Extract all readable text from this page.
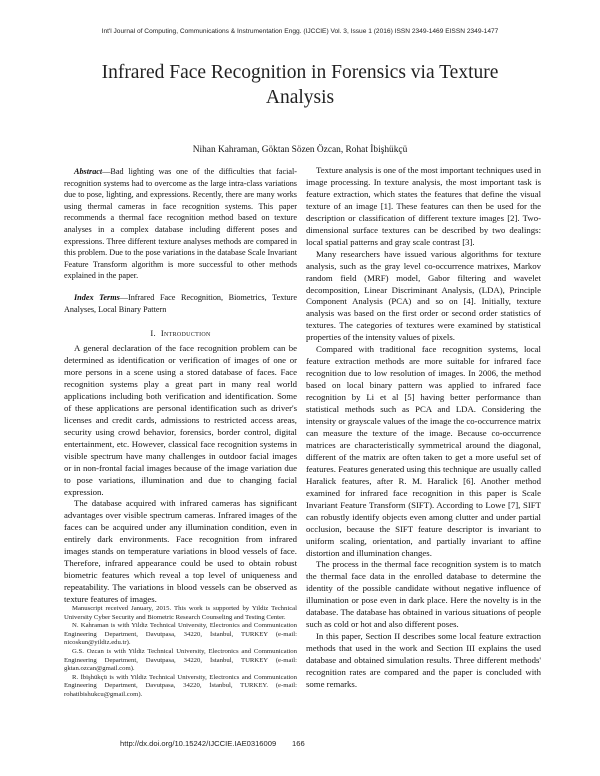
Int'l Journal of Computing, Communications & Instrumentation Engg. (IJCCIE) Vol. 3, Issue 1 (2016) ISSN 2349-1469 EISSN 2349-1477
Infrared Face Recognition in Forensics via Texture Analysis
Nihan Kahraman, Göktan Sözen Özcan, Rohat İbişhükçü

Abstract—Bad lighting was one of the difficulties that facial-recognition systems had to overcome as the large intra-class variations due to pose, lighting, and expressions. Recently, there are many works using thermal cameras in face recognition systems. This paper recommends a thermal face recognition method based on texture analyses in a complex database including different poses and expressions. Three different texture analyses methods are compared in this problem. Due to the pose variations in the database Scale Invariant Feature Transform algorithm is more successful to other methods explained in the paper.

Index Terms—Infrared Face Recognition, Biometrics, Texture Analyses, Local Binary Pattern

I. Introduction

A general declaration of the face recognition problem can be determined as identification or verification of images of one or more persons in a scene using a stored database of faces. Face recognition systems play a great part in many real world applications including both verification and identification. Some of these applications are personal identification such as driver's licenses and credit cards, admissions to restricted access areas, security using crowd behavior, forensics, border control, digital entertainment, etc. However, classical face recognition systems in visible spectrum have many challenges in outdoor facial images or in non-frontal facial images because of the image variation due to pose variations, illumination and due to changing facial expression.

The database acquired with infrared cameras has significant advantages over visible spectrum cameras. Infrared images of the faces can be acquired under any illumination condition, even in entirely dark environments. Face recognition from infrared images stands on temperature variations in blood vessels of face. Therefore, infrared appearance could be used to obtain robust biometric features which reveal a top level of uniqueness and repeatability. The variations in blood vessels can be observed as texture features of images.

Manuscript received January, 2015. This work is supported by Yildiz Technical University Cyber Security and Biometric Research Counseling and Testing Center.

N. Kahraman is with Yildiz Technical University, Electronics and Communication Engineering Department, Davutpasa, 34220, İstanbul, TURKEY (e-mail: nicoskun@yildiz.edu.tr).

G.S. Ozcan is with Yildiz Technical University, Electronics and Communication Engineering Department, Davutpasa, 34220, İstanbul, TURKEY (e-mail: gktan.ozcan@gmail.com).

R. İbişhükçü is with Yildiz Technical University, Electronics and Communication Engineering Department, Davutpasa, 34220, İstanbul, TURKEY. (e-mail: rohatibishukcu@gmail.com).

Texture analysis is one of the most important techniques used in image processing. In texture analysis, the most important task is feature extraction, which states the features that define the visual texture of an image [1]. These features can then be used for the description or classification of different texture images [2]. Two-dimensional surface textures can be described by two dealings: local spatial patterns and gray scale contrast [3].

Many researchers have issued various algorithms for texture analysis, such as the gray level co-occurrence matrixes, Markov random field (MRF) model, Gabor filtering and wavelet decomposition, Linear Discriminant Analysis, (LDA), Principle Component Analysis (PCA) and so on [4]. Initially, texture analysis was based on the first order or second order statistics of textures. The categories of textures were examined by statistical properties of the intensity values of pixels.

Compared with traditional face recognition systems, local feature extraction methods are more suitable for infrared face recognition due to low resolution of images. In 2006, the method based on local binary pattern was applied to infrared face recognition by Li et al [5] having better performance than statistical methods such as PCA and LDA. Considering the intensity or grayscale values of the image the co-occurrence matrix can measure the texture of the image. Because co-occurrence matrices are characteristically symmetrical around the diagonal, different of the matrix are often taken to get a more useful set of features. Features generated using this technique are usually called Haralick features, after R. M. Haralick [6]. Another method examined for infrared face recognition in this paper is Scale Invariant Feature Transform (SIFT). According to Lowe [7], SIFT can robustly identify objects even among clutter and under partial occlusion, because the SIFT feature descriptor is invariant to uniform scaling, orientation, and partially invariant to affine distortion and illumination changes.

The process in the thermal face recognition system is to match the thermal face data in the enrolled database to determine the identity of the possible candidate without negative influence of illumination or pose even in dark place. Here the novelty is in the database. The database has obtained in various situations of people such as cold or hot and also different poses.

In this paper, Section II describes some local feature extraction methods that used in the work and Section III explains the used database and obtained simulation results. Three different methods' recognition rates are compared and the paper is concluded with some remarks.

http://dx.doi.org/10.15242/IJCCIE.IAE0316009 166
